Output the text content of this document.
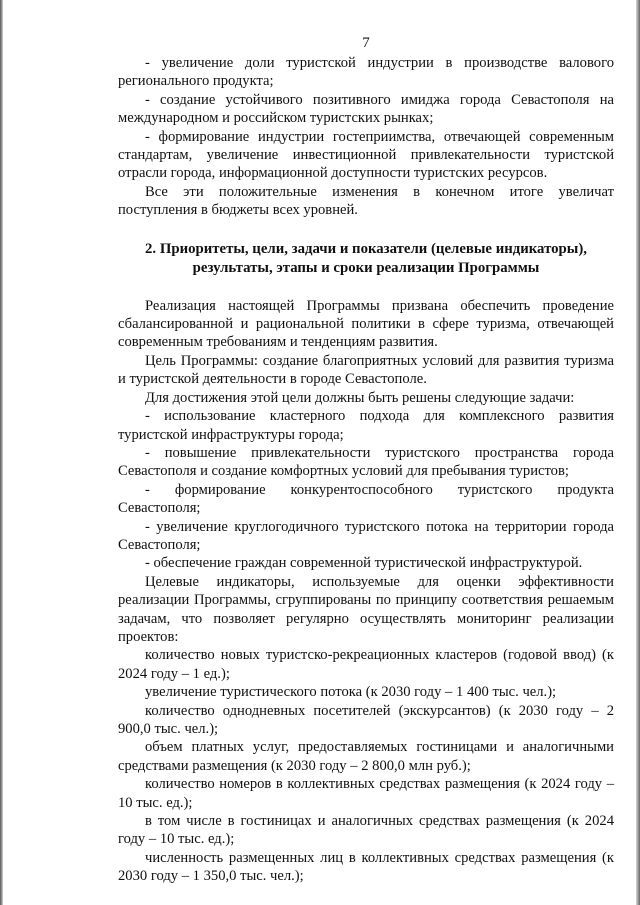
7

- увеличение доли туристской индустрии в производстве валового регионального продукта;

- создание устойчивого позитивного имиджа города Севастополя на международном и российском туристских рынках;

- формирование индустрии гостеприимства, отвечающей современным стандартам, увеличение инвестиционной привлекательности туристской отрасли города, информационной доступности туристских ресурсов.

Все эти положительные изменения в конечном итоге увеличат поступления в бюджеты всех уровней.

2. Приоритеты, цели, задачи и показатели (целевые индикаторы),
результаты, этапы и сроки реализации Программы

Реализация настоящей Программы призвана обеспечить проведение сбалансированной и рациональной политики в сфере туризма, отвечающей современным требованиям и тенденциям развития.

Цель Программы: создание благоприятных условий для развития туризма и туристской деятельности в городе Севастополе.

Для достижения этой цели должны быть решены следующие задачи:

- использование кластерного подхода для комплексного развития туристской инфраструктуры города;

- повышение привлекательности туристского пространства города Севастополя и создание комфортных условий для пребывания туристов;

- формирование конкурентоспособного туристского продукта Севастополя;

- увеличение круглогодичного туристского потока на территории города Севастополя;

- обеспечение граждан современной туристической инфраструктурой.

Целевые индикаторы, используемые для оценки эффективности реализации Программы, сгруппированы по принципу соответствия решаемым задачам, что позволяет регулярно осуществлять мониторинг реализации проектов:

количество новых туристско-рекреационных кластеров (годовой ввод) (к 2024 году – 1 ед.);

увеличение туристического потока (к 2030 году – 1 400 тыс. чел.);

количество однодневных посетителей (экскурсантов) (к 2030 году – 2 900,0 тыс. чел.);

объем платных услуг, предоставляемых гостиницами и аналогичными средствами размещения (к 2030 году – 2 800,0 млн руб.);

количество номеров в коллективных средствах размещения (к 2024 году – 10 тыс. ед.);

в том числе в гостиницах и аналогичных средствах размещения (к 2024 году – 10 тыс. ед.);

численность размещенных лиц в коллективных средствах размещения (к 2030 году – 1 350,0 тыс. чел.);
